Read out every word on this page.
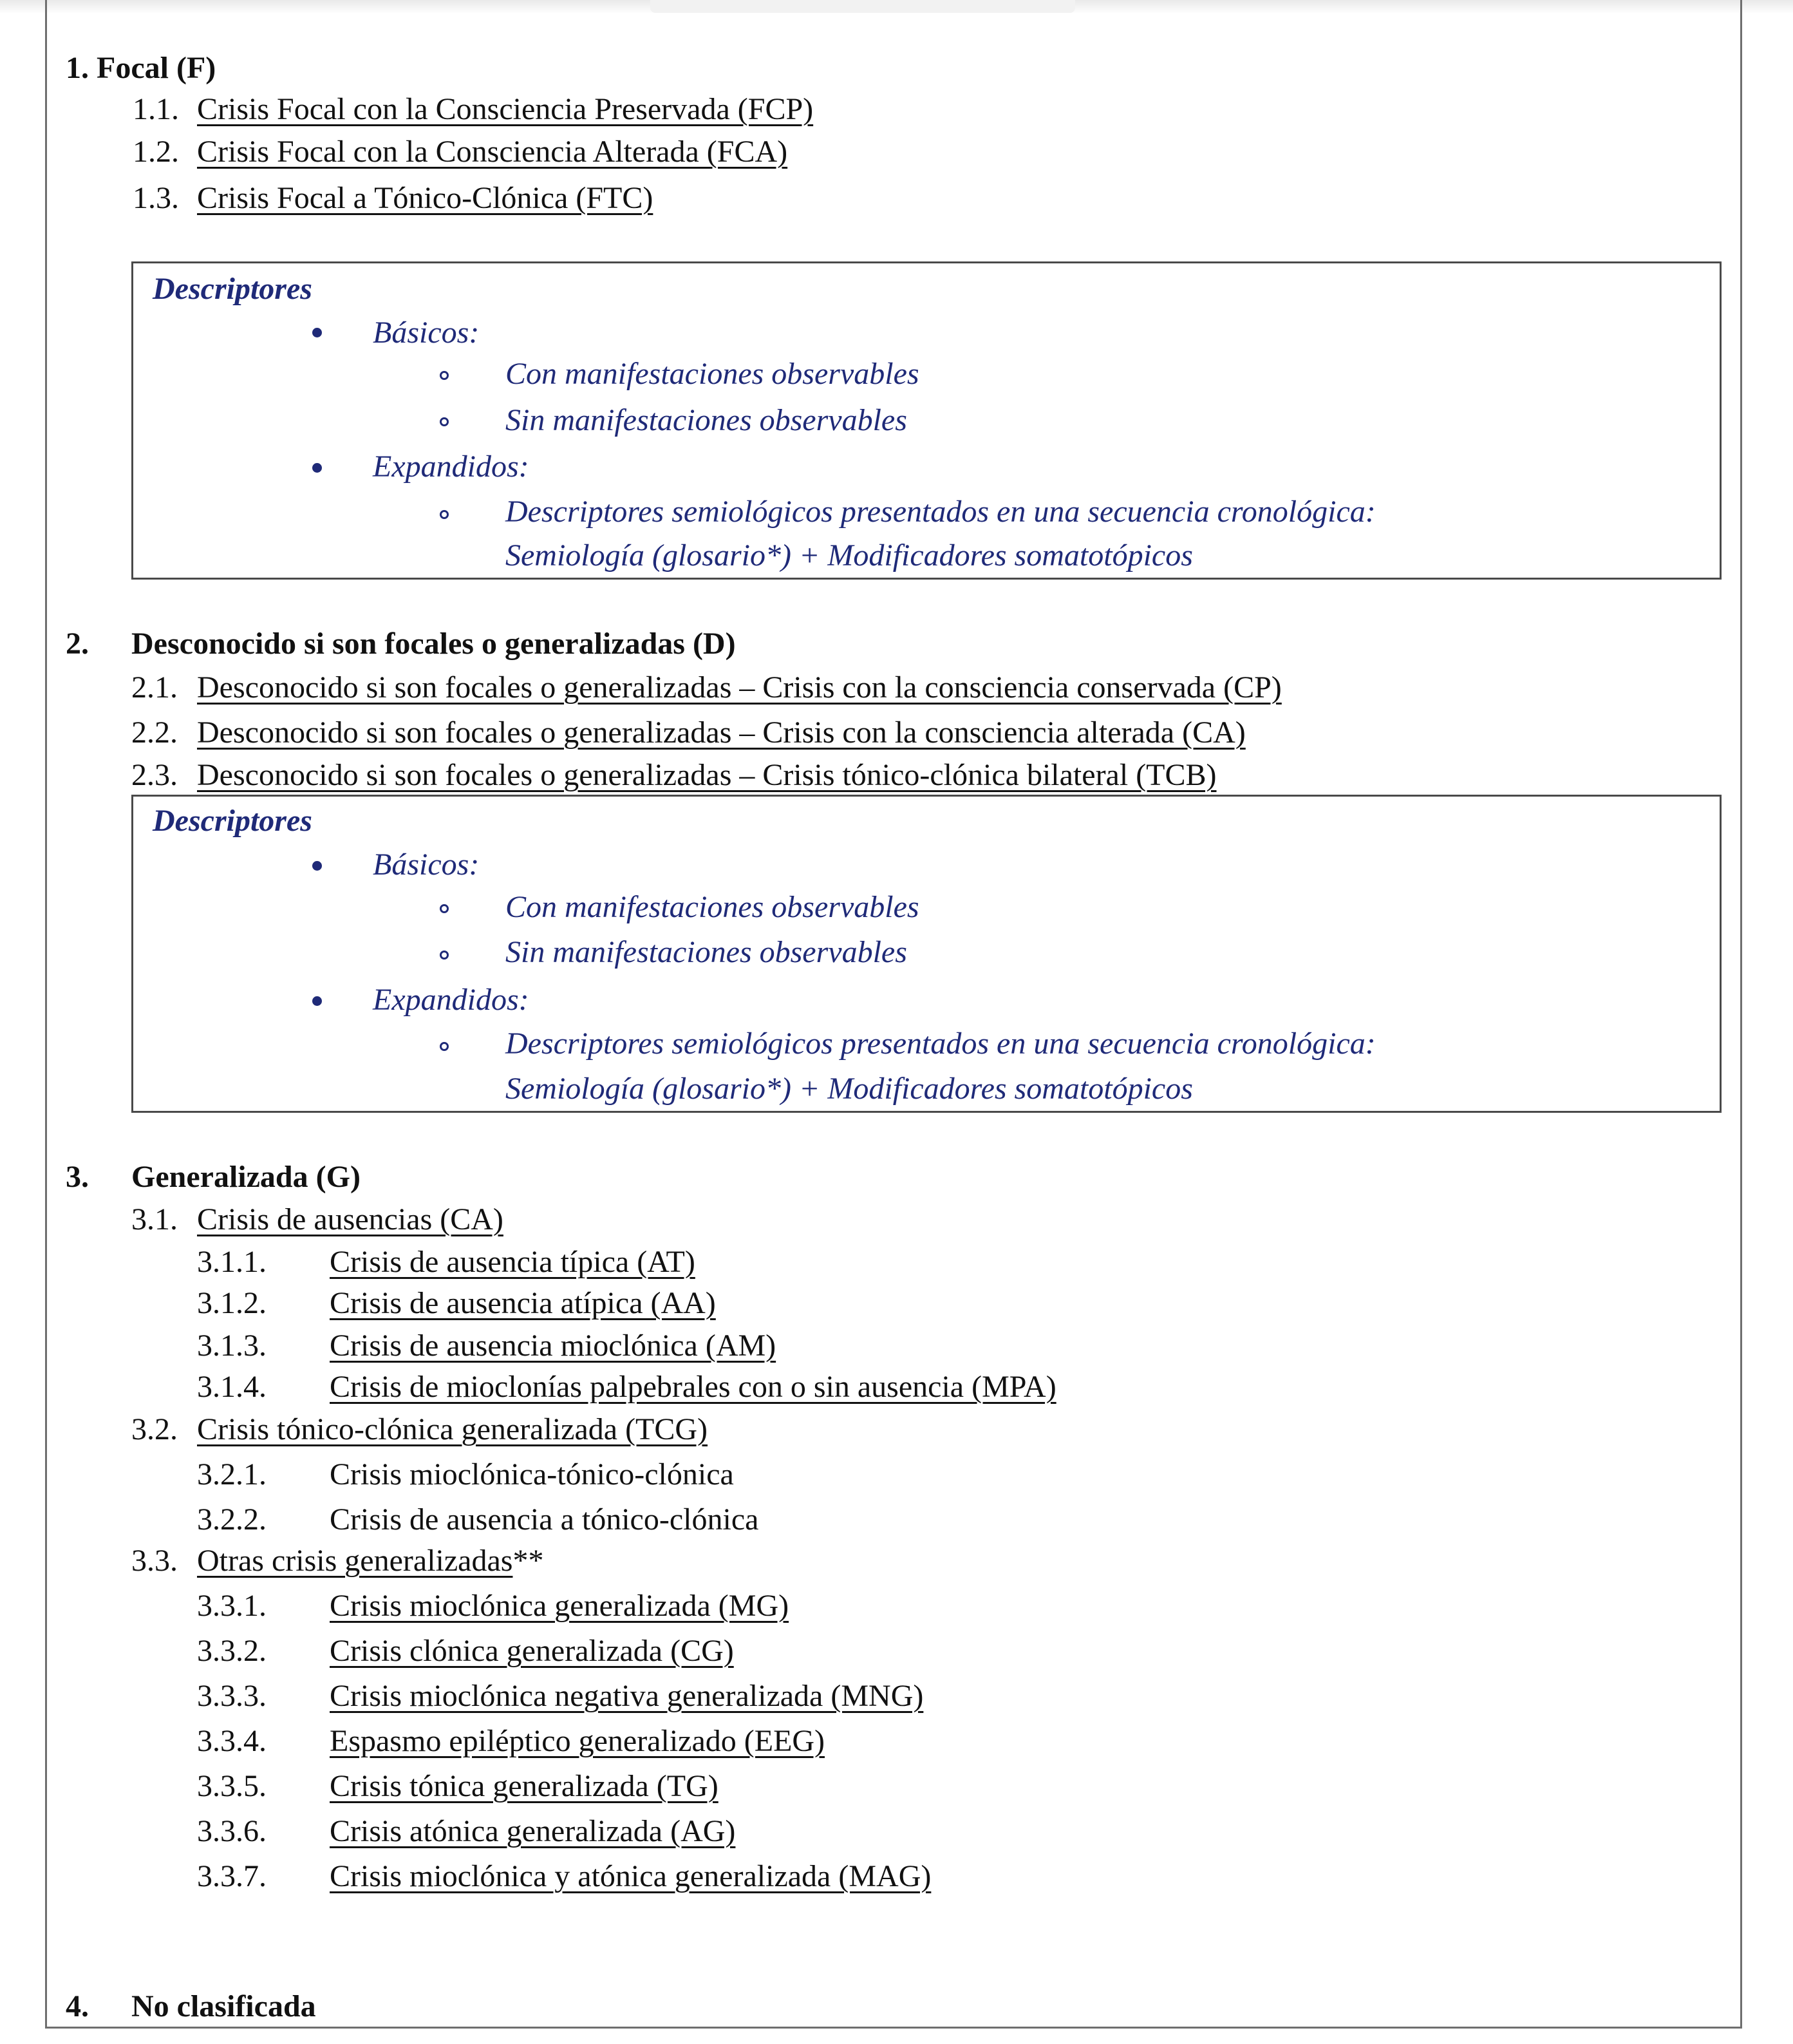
1. Focal (F)
1.1. Crisis Focal con la Consciencia Preservada (FCP)
1.2. Crisis Focal con la Consciencia Alterada (FCA)
1.3. Crisis Focal a Tónico-Clónica (FTC)
Descriptores
Básicos:
Con manifestaciones observables
Sin manifestaciones observables
Expandidos:
Descriptores semiológicos presentados en una secuencia cronológica:
Semiología (glosario*) + Modificadores somatotópicos
2. Desconocido si son focales o generalizadas (D)
2.1. Desconocido si son focales o generalizadas – Crisis con la consciencia conservada (CP)
2.2. Desconocido si son focales o generalizadas – Crisis con la consciencia alterada (CA)
2.3. Desconocido si son focales o generalizadas – Crisis tónico-clónica bilateral (TCB)
Descriptores
Básicos:
Con manifestaciones observables
Sin manifestaciones observables
Expandidos:
Descriptores semiológicos presentados en una secuencia cronológica:
Semiología (glosario*) + Modificadores somatotópicos
3. Generalizada (G)
3.1. Crisis de ausencias (CA)
3.1.1. Crisis de ausencia típica (AT)
3.1.2. Crisis de ausencia atípica (AA)
3.1.3. Crisis de ausencia mioclónica (AM)
3.1.4. Crisis de mioclonías palpebrales con o sin ausencia (MPA)
3.2. Crisis tónico-clónica generalizada (TCG)
3.2.1. Crisis mioclónica-tónico-clónica
3.2.2. Crisis de ausencia a tónico-clónica
3.3. Otras crisis generalizadas**
3.3.1. Crisis mioclónica generalizada (MG)
3.3.2. Crisis clónica generalizada (CG)
3.3.3. Crisis mioclónica negativa generalizada (MNG)
3.3.4. Espasmo epiléptico generalizado (EEG)
3.3.5. Crisis tónica generalizada (TG)
3.3.6. Crisis atónica generalizada (AG)
3.3.7. Crisis mioclónica y atónica generalizada (MAG)
4. No clasificada
